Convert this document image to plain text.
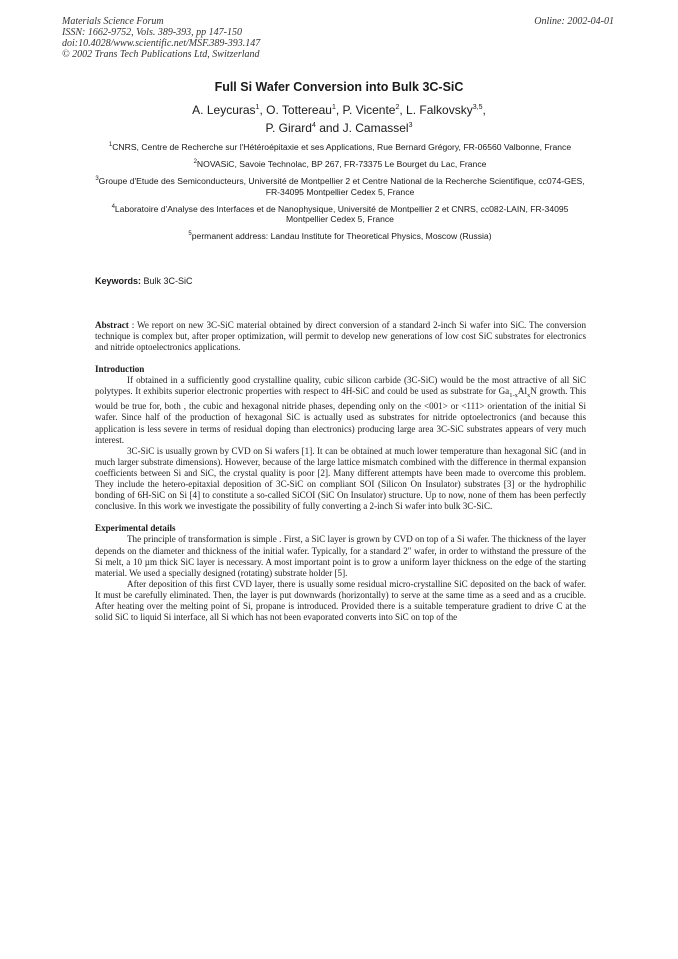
Materials Science Forum
ISSN: 1662-9752, Vols. 389-393, pp 147-150
doi:10.4028/www.scientific.net/MSF.389-393.147
© 2002 Trans Tech Publications Ltd, Switzerland
Online: 2002-04-01
Full Si Wafer Conversion into Bulk 3C-SiC
A. Leycuras$^1$, O. Tottereau$^1$, P. Vicente$^2$, L. Falkovsky$^{3,5}$,
P. Girard$^4$ and J. Camassel$^3$
$^1$CNRS, Centre de Recherche sur l'Hétéroépitaxie et ses Applications, Rue Bernard Grégory, FR-06560 Valbonne, France
$^2$NOVASiC, Savoie Technolac, BP 267, FR-73375 Le Bourget du Lac, France
$^3$Groupe d'Etude des Semiconducteurs, Université de Montpellier 2 et Centre National de la Recherche Scientifique, cc074-GES, FR-34095 Montpellier Cedex 5, France
$^4$Laboratoire d'Analyse des Interfaces et de Nanophysique, Université de Montpellier 2 et CNRS, cc082-LAIN, FR-34095 Montpellier Cedex 5, France
$^5$permanent address: Landau Institute for Theoretical Physics, Moscow (Russia)
Keywords: Bulk 3C-SiC

Abstract : We report on new 3C-SiC material obtained by direct conversion of a standard 2-inch Si wafer into SiC. The conversion technique is complex but, after proper optimization, will permit to develop new generations of low cost SiC substrates for electronics and nitride optoelectronics applications.

Introduction

If obtained in a sufficiently good crystalline quality, cubic silicon carbide (3C-SiC) would be the most attractive of all SiC polytypes. It exhibits superior electronic properties with respect to 4H-SiC and could be used as substrate for $Ga_{1-x}Al_xN$ growth. This would be true for, both , the cubic and hexagonal nitride phases, depending only on the <001> or <111> orientation of the initial Si wafer. Since half of the production of hexagonal SiC is actually used as substrates for nitride optoelectronics (and because this application is less severe in terms of residual doping than electronics) producing large area 3C-SiC substrates appears of very much interest.

3C-SiC is usually grown by CVD on Si wafers [1]. It can be obtained at much lower temperature than hexagonal SiC (and in much larger substrate dimensions). However, because of the large lattice mismatch combined with the difference in thermal expansion coefficients between Si and SiC, the crystal quality is poor [2]. Many different attempts have been made to overcome this problem. They include the hetero-epitaxial deposition of 3C-SiC on compliant SOI (Silicon On Insulator) substrates [3] or the hydrophilic bonding of 6H-SiC on Si [4] to constitute a so-called SiCOI (SiC On Insulator) structure. Up to now, none of them has been perfectly conclusive. In this work we investigate the possibility of fully converting a 2-inch Si wafer into bulk 3C-SiC.

Experimental details

The principle of transformation is simple . First, a SiC layer is grown by CVD on top of a Si wafer. The thickness of the layer depends on the diameter and thickness of the initial wafer. Typically, for a standard 2" wafer, in order to withstand the pressure of the Si melt, a 10 µm thick SiC layer is necessary. A most important point is to grow a uniform layer thickness on the edge of the starting material. We used a specially designed (rotating) substrate holder [5].

After deposition of this first CVD layer, there is usually some residual micro-crystalline SiC deposited on the back of wafer. It must be carefully eliminated. Then, the layer is put downwards (horizontally) to serve at the same time as a seed and as a crucible. After heating over the melting point of Si, propane is introduced. Provided there is a suitable temperature gradient to drive C at the solid SiC to liquid Si interface, all Si which has not been evaporated converts into SiC on top of the
